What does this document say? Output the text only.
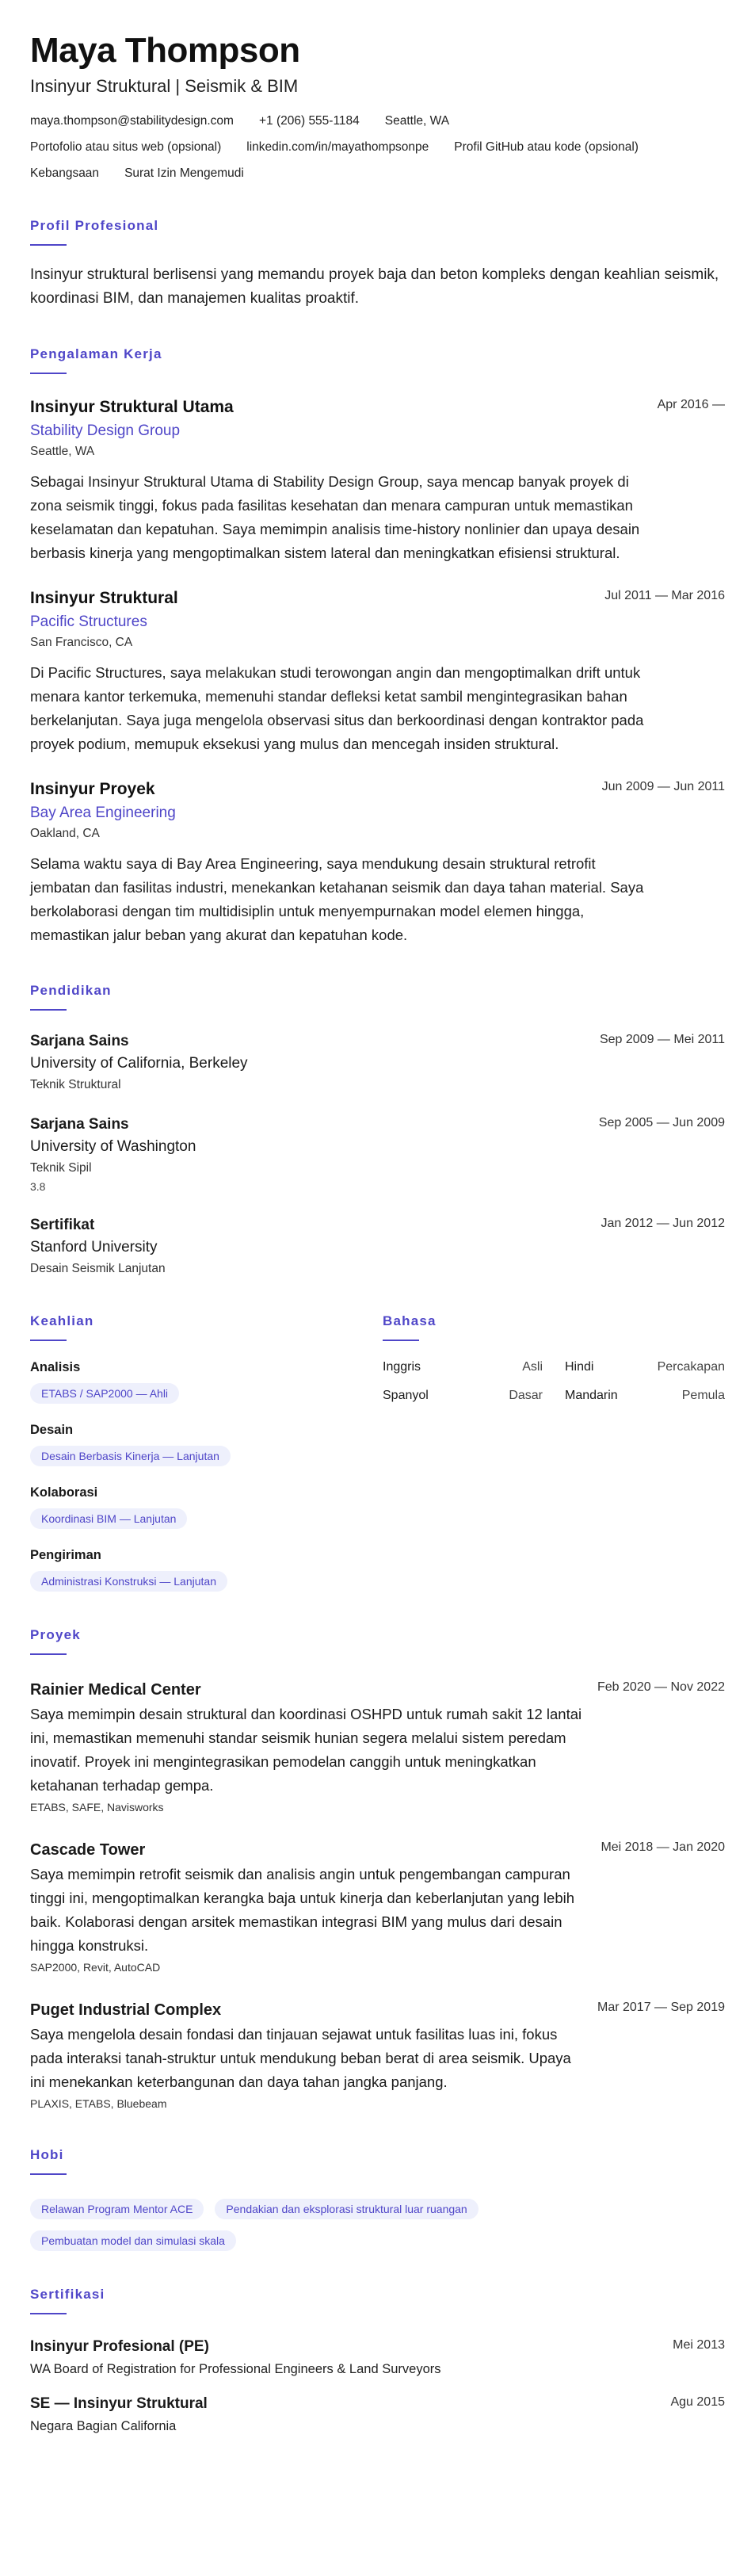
Maya Thompson
Insinyur Struktural | Seismik & BIM
maya.thompson@stabilitydesign.com +1 (206) 555-1184 Seattle, WA
Portofolio atau situs web (opsional) linkedin.com/in/mayathompsonpe Profil GitHub atau kode (opsional)
Kebangsaan Surat Izin Mengemudi
Profil Profesional

Insinyur struktural berlisensi yang memandu proyek baja dan beton kompleks dengan keahlian seismik, koordinasi BIM, dan manajemen kualitas proaktif.

Pengalaman Kerja
Apr 2016 —
Insinyur Struktural Utama
Stability Design Group
Seattle, WA

Sebagai Insinyur Struktural Utama di Stability Design Group, saya mencap banyak proyek di zona seismik tinggi, fokus pada fasilitas kesehatan dan menara campuran untuk memastikan keselamatan dan kepatuhan. Saya memimpin analisis time-history nonlinier dan upaya desain berbasis kinerja yang mengoptimalkan sistem lateral dan meningkatkan efisiensi struktural.

Jul 2011 — Mar 2016
Insinyur Struktural
Pacific Structures
San Francisco, CA

Di Pacific Structures, saya melakukan studi terowongan angin dan mengoptimalkan drift untuk menara kantor terkemuka, memenuhi standar defleksi ketat sambil mengintegrasikan bahan berkelanjutan. Saya juga mengelola observasi situs dan berkoordinasi dengan kontraktor pada proyek podium, memupuk eksekusi yang mulus dan mencegah insiden struktural.

Jun 2009 — Jun 2011
Insinyur Proyek
Bay Area Engineering
Oakland, CA

Selama waktu saya di Bay Area Engineering, saya mendukung desain struktural retrofit jembatan dan fasilitas industri, menekankan ketahanan seismik dan daya tahan material. Saya berkolaborasi dengan tim multidisiplin untuk menyempurnakan model elemen hingga, memastikan jalur beban yang akurat dan kepatuhan kode.

Pendidikan
Sep 2009 — Mei 2011
Sarjana Sains
University of California, Berkeley
Teknik Struktural
Sep 2005 — Jun 2009
Sarjana Sains
University of Washington
Teknik Sipil
3.8
Jan 2012 — Jun 2012
Sertifikat
Stanford University
Desain Seismik Lanjutan
Keahlian
Analisis
ETABS / SAP2000 — Ahli
Desain
Desain Berbasis Kinerja — Lanjutan
Kolaborasi
Koordinasi BIM — Lanjutan
Pengiriman
Administrasi Konstruksi — Lanjutan
Bahasa
Inggris	Asli Hindi	Percakapan
Spanyol	Dasar Mandarin	Pemula
Proyek
Feb 2020 — Nov 2022
Rainier Medical Center

Saya memimpin desain struktural dan koordinasi OSHPD untuk rumah sakit 12 lantai ini, memastikan memenuhi standar seismik hunian segera melalui sistem peredam inovatif. Proyek ini mengintegrasikan pemodelan canggih untuk meningkatkan ketahanan terhadap gempa.

ETABS, SAFE, Navisworks
Mei 2018 — Jan 2020
Cascade Tower

Saya memimpin retrofit seismik dan analisis angin untuk pengembangan campuran tinggi ini, mengoptimalkan kerangka baja untuk kinerja dan keberlanjutan yang lebih baik. Kolaborasi dengan arsitek memastikan integrasi BIM yang mulus dari desain hingga konstruksi.

SAP2000, Revit, AutoCAD
Mar 2017 — Sep 2019
Puget Industrial Complex

Saya mengelola desain fondasi dan tinjauan sejawat untuk fasilitas luas ini, fokus pada interaksi tanah-struktur untuk mendukung beban berat di area seismik. Upaya ini menekankan keterbangunan dan daya tahan jangka panjang.

PLAXIS, ETABS, Bluebeam
Hobi
Relawan Program Mentor ACE	Pendakian dan eksplorasi struktural luar ruangan
Pembuatan model dan simulasi skala
Sertifikasi
Mei 2013
Insinyur Profesional (PE)
WA Board of Registration for Professional Engineers & Land Surveyors
Agu 2015
SE — Insinyur Struktural
Negara Bagian California
